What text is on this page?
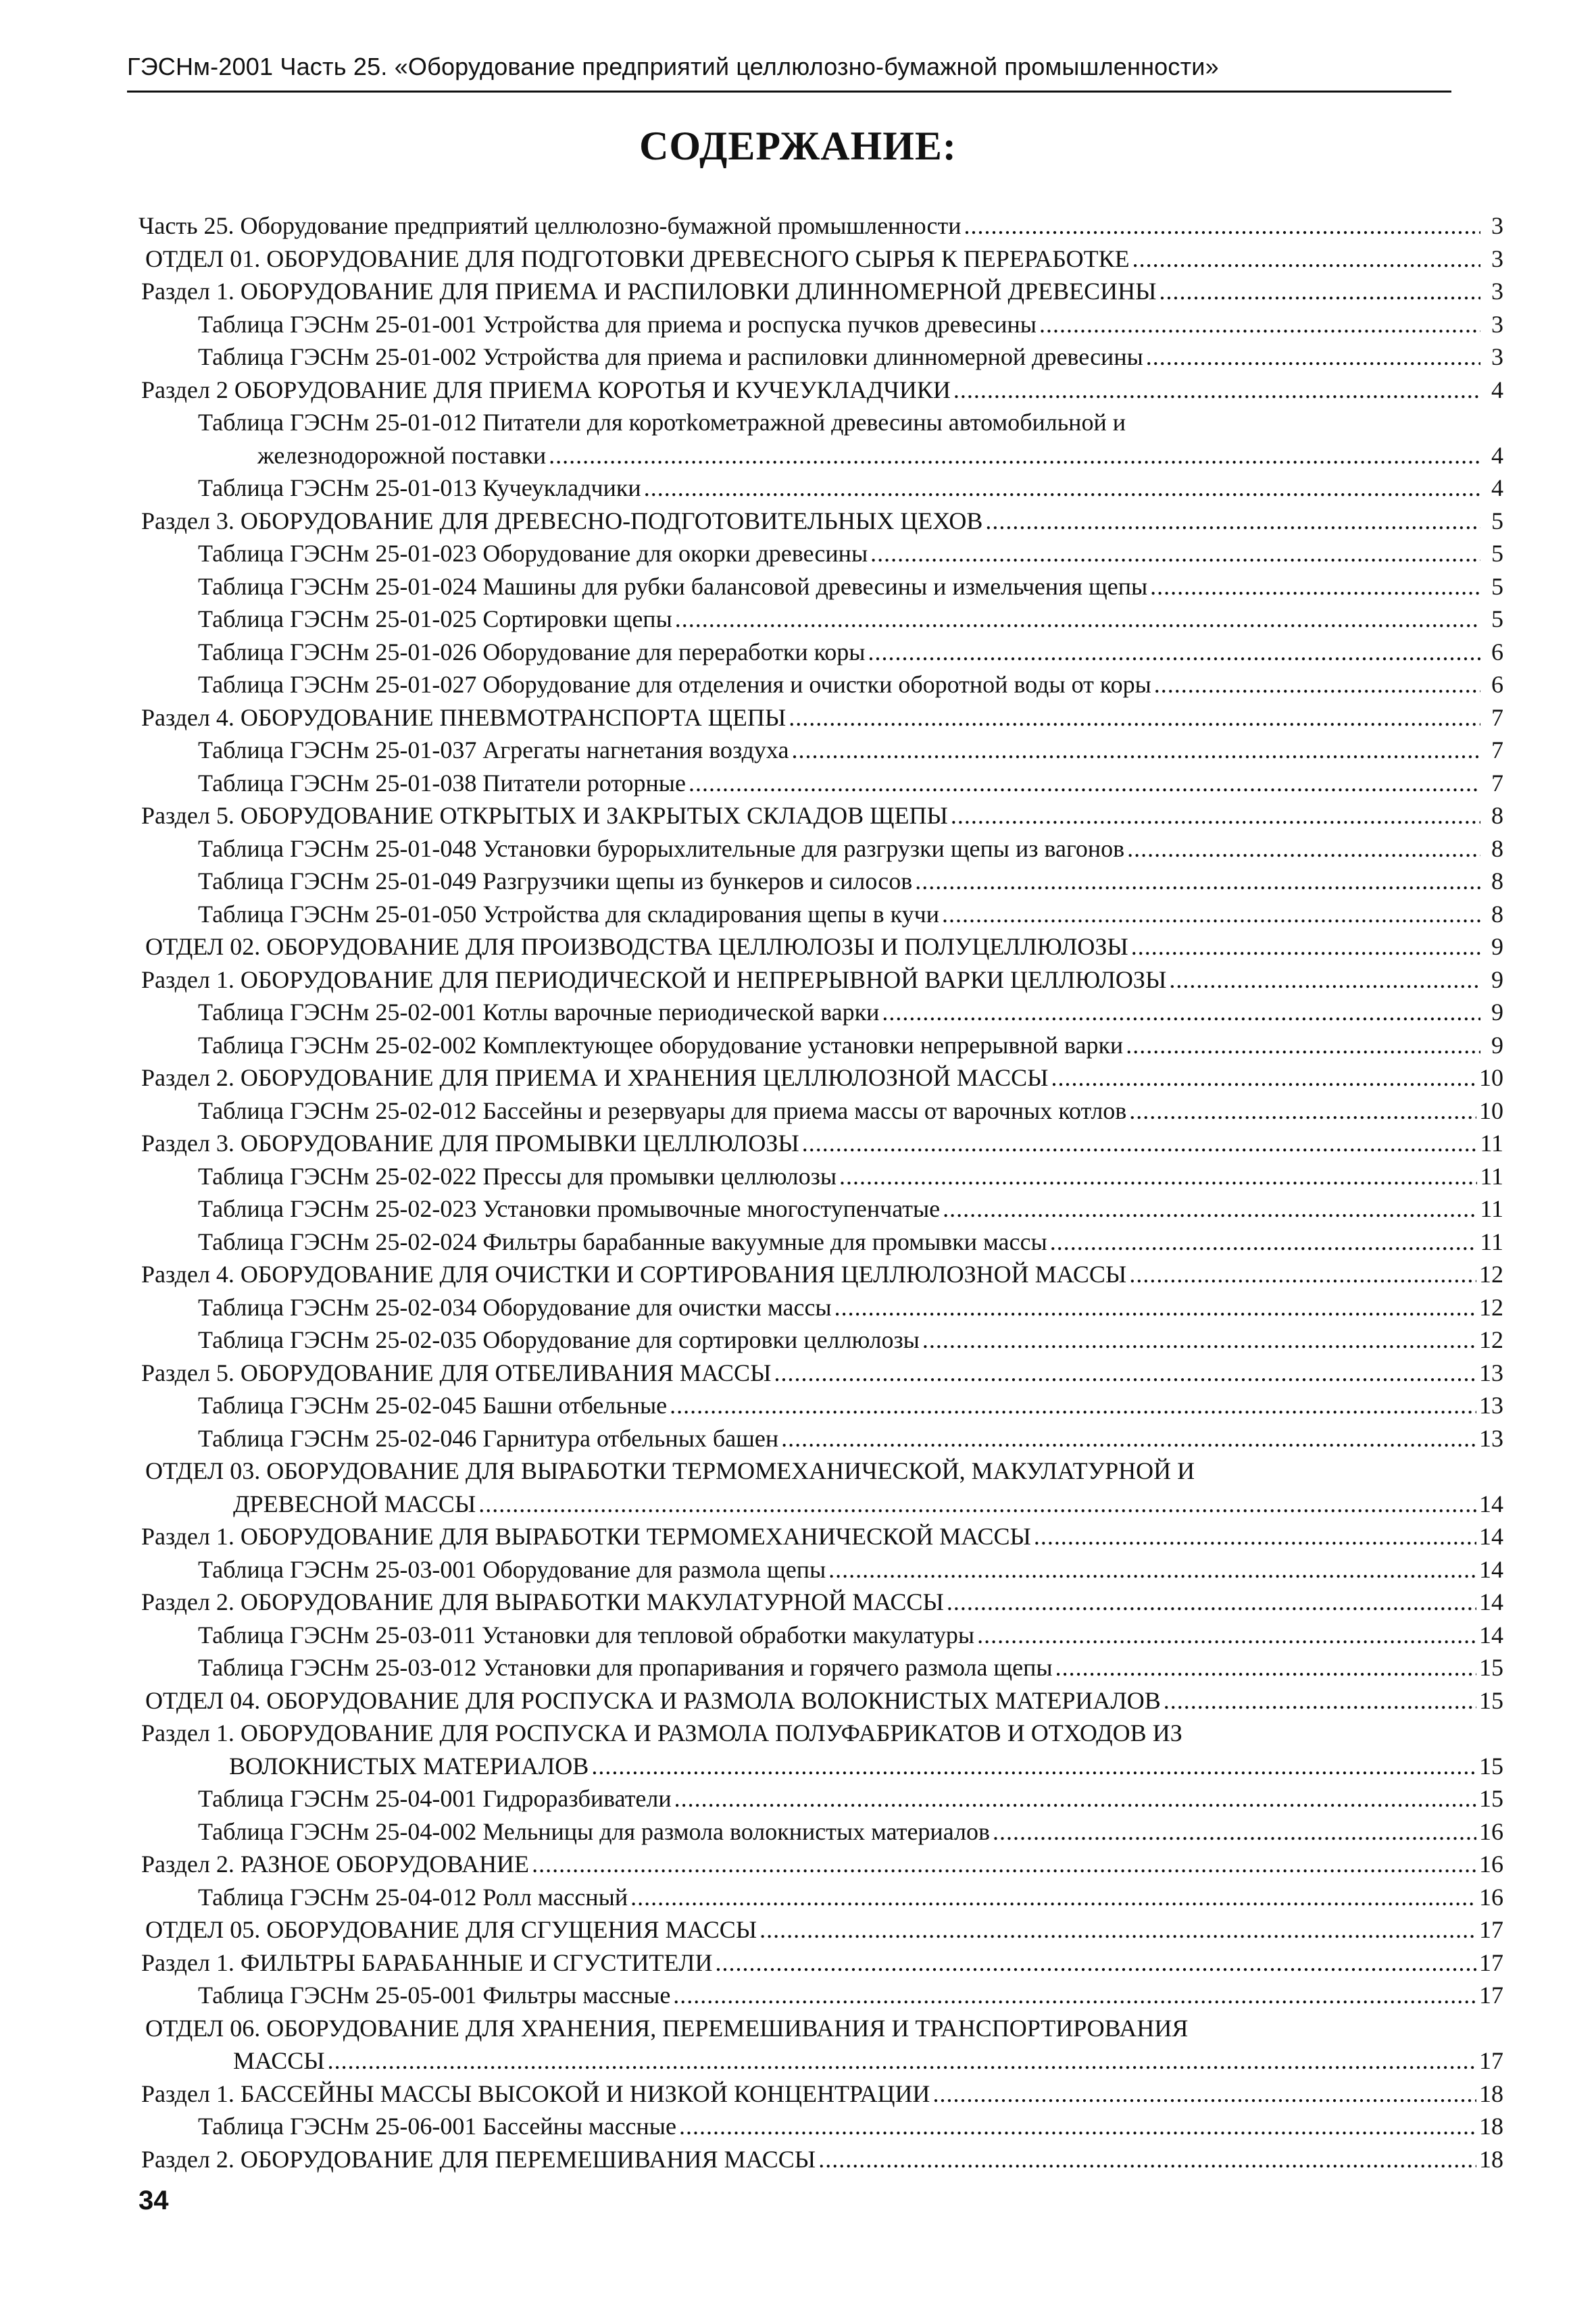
ГЭСНм-2001 Часть 25. «Оборудование предприятий целлюлозно-бумажной промышленности»
СОДЕРЖАНИЕ:
Часть 25. Оборудование предприятий целлюлозно-бумажной промышленности .....	3
ОТДЕЛ 01. ОБОРУДОВАНИЕ ДЛЯ ПОДГОТОВКИ ДРЕВЕСНОГО СЫРЬЯ К ПЕРЕРАБОТКЕ .....	3
Раздел 1. ОБОРУДОВАНИЕ ДЛЯ ПРИЕМА И РАСПИЛОВКИ ДЛИННОМЕРНОЙ ДРЕВЕСИНЫ .....	3
Таблица ГЭСНм 25-01-001 Устройства для приема и роспуска пучков древесины .....	3
Таблица ГЭСНм 25-01-002 Устройства для приема и распиловки длинномерной древесины .....	3
Раздел 2 ОБОРУДОВАНИЕ ДЛЯ ПРИЕМА КОРОТЬЯ И КУЧЕУКЛАДЧИКИ .....	4
Таблица ГЭСНм 25-01-012 Питатели для коротkометражной древесины автомобильной и
железнодорожной поставки .....	4
Таблица ГЭСНм 25-01-013 Кучеукладчики .....	4
Раздел 3. ОБОРУДОВАНИЕ ДЛЯ ДРЕВЕСНО-ПОДГОТОВИТЕЛЬНЫХ ЦЕХОВ .....	5
Таблица ГЭСНм 25-01-023 Оборудование для окорки древесины .....	5
Таблица ГЭСНм 25-01-024 Машины для рубки балансовой древесины и измельчения щепы .....	5
Таблица ГЭСНм 25-01-025 Сортировки щепы .....	5
Таблица ГЭСНм 25-01-026 Оборудование для переработки коры .....	6
Таблица ГЭСНм 25-01-027 Оборудование для отделения и очистки оборотной воды от коры .....	6
Раздел 4. ОБОРУДОВАНИЕ ПНЕВМОТРАНСПОРТА ЩЕПЫ .....	7
Таблица ГЭСНм 25-01-037 Агрегаты нагнетания воздуха .....	7
Таблица ГЭСНм 25-01-038 Питатели роторные .....	7
Раздел 5. ОБОРУДОВАНИЕ ОТКРЫТЫХ И ЗАКРЫТЫХ СКЛАДОВ ЩЕПЫ .....	8
Таблица ГЭСНм 25-01-048 Установки бурорыхлительные для разгрузки щепы из вагонов .....	8
Таблица ГЭСНм 25-01-049 Разгрузчики щепы из бункеров и силосов .....	8
Таблица ГЭСНм 25-01-050 Устройства для складирования щепы в кучи .....	8
ОТДЕЛ 02. ОБОРУДОВАНИЕ ДЛЯ ПРОИЗВОДСТВА ЦЕЛЛЮЛОЗЫ И ПОЛУЦЕЛЛЮЛОЗЫ .....	9
Раздел 1. ОБОРУДОВАНИЕ ДЛЯ ПЕРИОДИЧЕСКОЙ И НЕПРЕРЫВНОЙ ВАРКИ ЦЕЛЛЮЛОЗЫ .....	9
Таблица ГЭСНм 25-02-001 Котлы варочные периодической варки .....	9
Таблица ГЭСНм 25-02-002 Комплектующее оборудование установки непрерывной варки .....	9
Раздел 2. ОБОРУДОВАНИЕ ДЛЯ ПРИЕМА И ХРАНЕНИЯ ЦЕЛЛЮЛОЗНОЙ МАССЫ .....	10
Таблица ГЭСНм 25-02-012 Бассейны и резервуары для приема массы от варочных котлов .....	10
Раздел 3. ОБОРУДОВАНИЕ ДЛЯ ПРОМЫВКИ ЦЕЛЛЮЛОЗЫ .....	11
Таблица ГЭСНм 25-02-022 Прессы для промывки целлюлозы .....	11
Таблица ГЭСНм 25-02-023 Установки промывочные многоступенчатые .....	11
Таблица ГЭСНм 25-02-024 Фильтры барабанные вакуумные для промывки массы .....	11
Раздел 4. ОБОРУДОВАНИЕ ДЛЯ ОЧИСТКИ И СОРТИРОВАНИЯ ЦЕЛЛЮЛОЗНОЙ МАССЫ .....	12
Таблица ГЭСНм 25-02-034 Оборудование для очистки массы .....	12
Таблица ГЭСНм 25-02-035 Оборудование для сортировки целлюлозы .....	12
Раздел 5. ОБОРУДОВАНИЕ ДЛЯ ОТБЕЛИВАНИЯ МАССЫ .....	13
Таблица ГЭСНм 25-02-045 Башни отбельные .....	13
Таблица ГЭСНм 25-02-046 Гарнитура отбельных башен .....	13
ОТДЕЛ 03. ОБОРУДОВАНИЕ ДЛЯ ВЫРАБОТКИ ТЕРМОМЕХАНИЧЕСКОЙ, МАКУЛАТУРНОЙ И
ДРЕВЕСНОЙ МАССЫ .....	14
Раздел 1. ОБОРУДОВАНИЕ ДЛЯ ВЫРАБОТКИ ТЕРМОМЕХАНИЧЕСКОЙ МАССЫ .....	14
Таблица ГЭСНм 25-03-001 Оборудование для размола щепы .....	14
Раздел 2. ОБОРУДОВАНИЕ ДЛЯ ВЫРАБОТКИ МАКУЛАТУРНОЙ МАССЫ .....	14
Таблица ГЭСНм 25-03-011 Установки для тепловой обработки макулатуры .....	14
Таблица ГЭСНм 25-03-012 Установки для пропаривания и горячего размола щепы .....	15
ОТДЕЛ 04. ОБОРУДОВАНИЕ ДЛЯ РОСПУСКА И РАЗМОЛА ВОЛОКНИСТЫХ МАТЕРИАЛОВ .....	15
Раздел 1. ОБОРУДОВАНИЕ ДЛЯ РОСПУСКА И РАЗМОЛА ПОЛУФАБРИКАТОВ И ОТХОДОВ ИЗ
ВОЛОКНИСТЫХ МАТЕРИАЛОВ .....	15
Таблица ГЭСНм 25-04-001 Гидроразбиватели .....	15
Таблица ГЭСНм 25-04-002 Мельницы для размола волокнистых материалов .....	16
Раздел 2. РАЗНОЕ ОБОРУДОВАНИЕ .....	16
Таблица ГЭСНм 25-04-012 Ролл массный .....	16
ОТДЕЛ 05. ОБОРУДОВАНИЕ ДЛЯ СГУЩЕНИЯ МАССЫ .....	17
Раздел 1. ФИЛЬТРЫ БАРАБАННЫЕ И СГУСТИТЕЛИ .....	17
Таблица ГЭСНм 25-05-001 Фильтры массные .....	17
ОТДЕЛ 06. ОБОРУДОВАНИЕ ДЛЯ ХРАНЕНИЯ, ПЕРЕМЕШИВАНИЯ И ТРАНСПОРТИРОВАНИЯ
МАССЫ .....	17
Раздел 1. БАССЕЙНЫ МАССЫ ВЫСОКОЙ И НИЗКОЙ КОНЦЕНТРАЦИИ .....	18
Таблица ГЭСНм 25-06-001 Бассейны массные .....	18
Раздел 2. ОБОРУДОВАНИЕ ДЛЯ ПЕРЕМЕШИВАНИЯ МАССЫ .....	18
34
